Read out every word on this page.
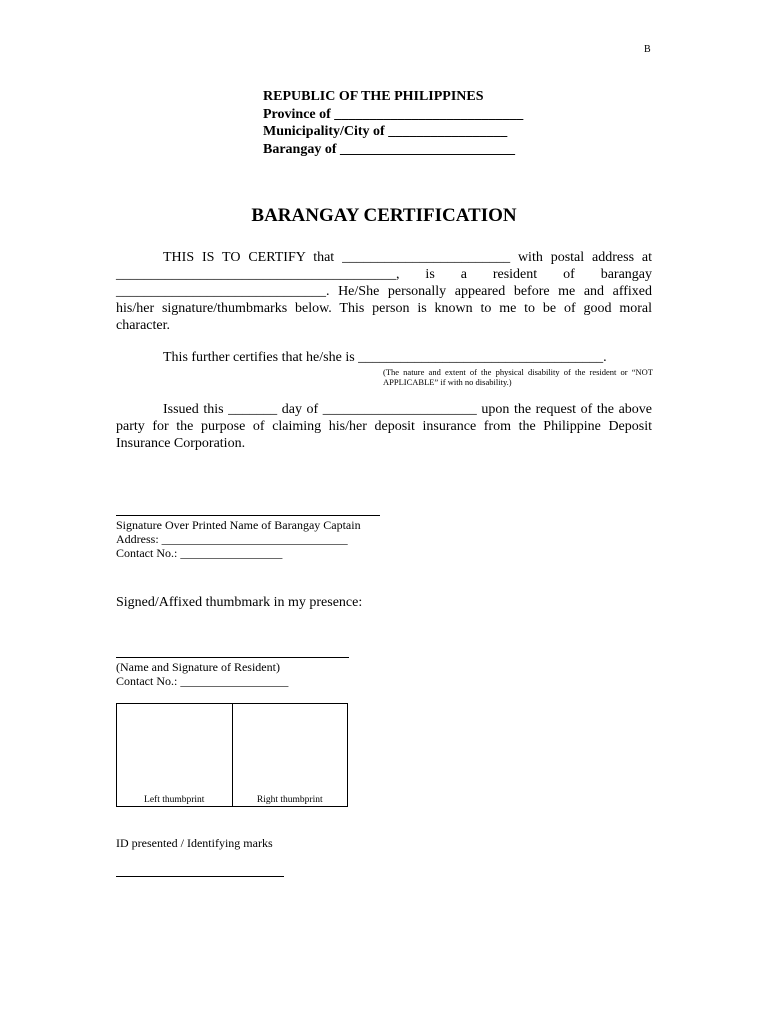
B
REPUBLIC OF THE PHILIPPINES
Province of ___________________________
Municipality/City of _________________
Barangay of _________________________
BARANGAY CERTIFICATION

THIS IS TO CERTIFY that ________________________ with postal address at ________________________________________, is a resident of barangay ______________________________. He/She personally appeared before me and affixed his/her signature/thumbmarks below. This person is known to me to be of good moral character.

This further certifies that he/she is ___________________________________.
(The nature and extent of the physical disability of the resident or “NOT APPLICABLE” if with no disability.)

Issued this _______ day of ______________________ upon the request of the above party for the purpose of claiming his/her deposit insurance from the Philippine Deposit Insurance Corporation.

Signature Over Printed Name of Barangay Captain
Address: _______________________________
Contact No.: _________________
Signed/Affixed thumbmark in my presence:
(Name and Signature of Resident)
Contact No.: __________________
Left thumbprint	Right thumbprint
ID presented / Identifying marks
